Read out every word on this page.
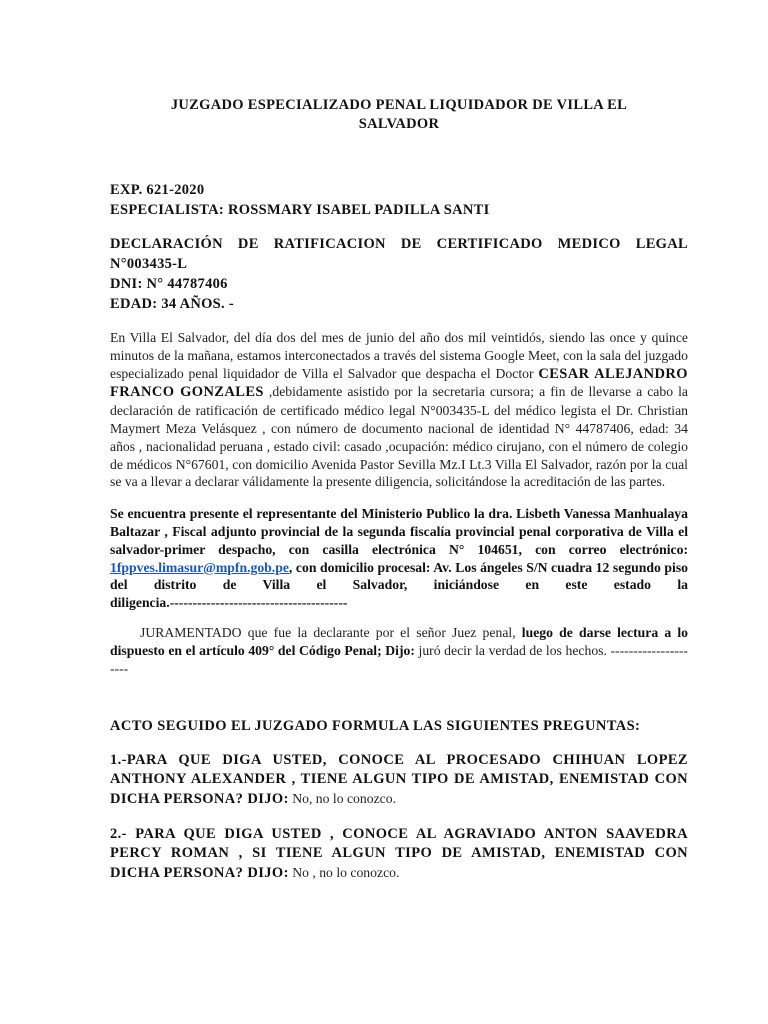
JUZGADO ESPECIALIZADO PENAL LIQUIDADOR DE VILLA EL SALVADOR
EXP. 621-2020
ESPECIALISTA: ROSSMARY ISABEL PADILLA SANTI
DECLARACIÓN DE RATIFICACION DE CERTIFICADO MEDICO LEGAL
N°003435-L
DNI: N° 44787406
EDAD: 34 AÑOS. -
En Villa El Salvador, del día dos del mes de junio del año dos mil veintidós, siendo las once y quince minutos de la mañana, estamos interconectados a través del sistema Google Meet, con la sala del juzgado especializado penal liquidador de Villa el Salvador que despacha el Doctor CESAR ALEJANDRO FRANCO GONZALES ,debidamente asistido por la secretaria cursora; a fin de llevarse a cabo la declaración de ratificación de certificado médico legal N°003435-L del médico legista el Dr. Christian Maymert Meza Velásquez , con número de documento nacional de identidad N° 44787406, edad: 34 años , nacionalidad peruana , estado civil: casado ,ocupación: médico cirujano, con el número de colegio de médicos N°67601, con domicilio Avenida Pastor Sevilla Mz.I Lt.3 Villa El Salvador, razón por la cual se va a llevar a declarar válidamente la presente diligencia, solicitándose la acreditación de las partes.
Se encuentra presente el representante del Ministerio Publico la dra. Lisbeth Vanessa Manhualaya Baltazar , Fiscal adjunto provincial de la segunda fiscalía provincial penal corporativa de Villa el salvador-primer despacho, con casilla electrónica N° 104651, con correo electrónico: 1fppves.limasur@mpfn.gob.pe, con domicilio procesal: Av. Los ángeles S/N cuadra 12 segundo piso del distrito de Villa el Salvador, iniciándose en este estado la
diligencia.---------------------------------------
JURAMENTADO que fue la declarante por el señor Juez penal, luego de darse lectura a lo dispuesto en el artículo 409° del Código Penal; Dijo: juró decir la verdad de los hechos. ---------------------
ACTO SEGUIDO EL JUZGADO FORMULA LAS SIGUIENTES PREGUNTAS:
1.-PARA QUE DIGA USTED, CONOCE AL PROCESADO CHIHUAN LOPEZ ANTHONY ALEXANDER , TIENE ALGUN TIPO DE AMISTAD, ENEMISTAD CON DICHA PERSONA? DIJO: No, no lo conozco.
2.- PARA QUE DIGA USTED , CONOCE AL AGRAVIADO ANTON SAAVEDRA PERCY ROMAN , SI TIENE ALGUN TIPO DE AMISTAD, ENEMISTAD CON DICHA PERSONA? DIJO: No , no lo conozco.
